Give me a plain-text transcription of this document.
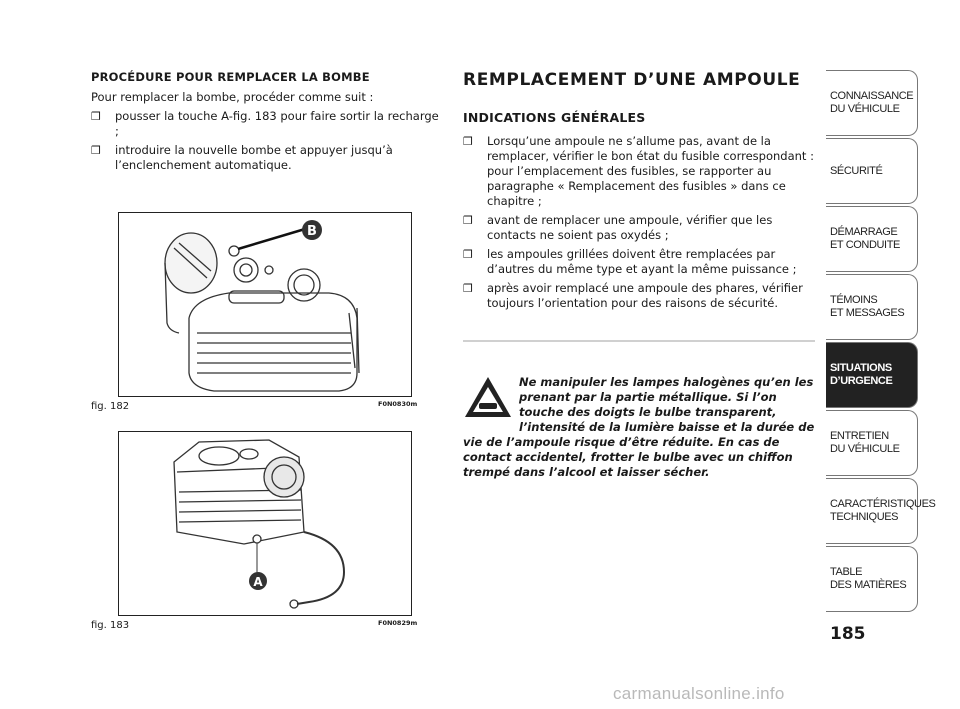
PROCÉDURE POUR REMPLACER LA BOMBE
Pour remplacer la bombe, procéder comme suit :
❒ pousser la touche A-fig. 183 pour faire sortir la recharge ;
❒ introduire la nouvelle bombe et appuyer jusqu’à l’enclenchement automatique.
B
fig. 182	F0N0830m
A
fig. 183	F0N0829m
REMPLACEMENT D’UNE AMPOULE
INDICATIONS GÉNÉRALES
❒ Lorsqu’une ampoule ne s’allume pas, avant de la remplacer, vérifier le bon état du fusible correspondant : pour l’emplacement des fusibles, se rapporter au paragraphe « Remplacement des fusibles » dans ce chapitre ;
❒ avant de remplacer une ampoule, vérifier que les contacts ne soient pas oxydés ;
❒ les ampoules grillées doivent être remplacées par d’autres du même type et ayant la même puissance ;
❒ après avoir remplacé une ampoule des phares, vérifier toujours l’orientation pour des raisons de sécurité.
Ne manipuler les lampes halogènes qu’en les prenant par la partie métallique. Si l’on touche des doigts le bulbe transparent, l’intensité de la lumière baisse et la durée de vie de l’ampoule risque d’être réduite. En cas de contact accidentel, frotter le bulbe avec un chiffon trempé dans l’alcool et laisser sécher.
CONNAISSANCE
DU VÉHICULE
SÉCURITÉ
DÉMARRAGE
ET CONDUITE
TÉMOINS
ET MESSAGES
SITUATIONS
D’URGENCE
ENTRETIEN
DU VÉHICULE
CARACTÉRISTIQUES
TECHNIQUES
TABLE
DES MATIÈRES
185
carmanualsonline.info
